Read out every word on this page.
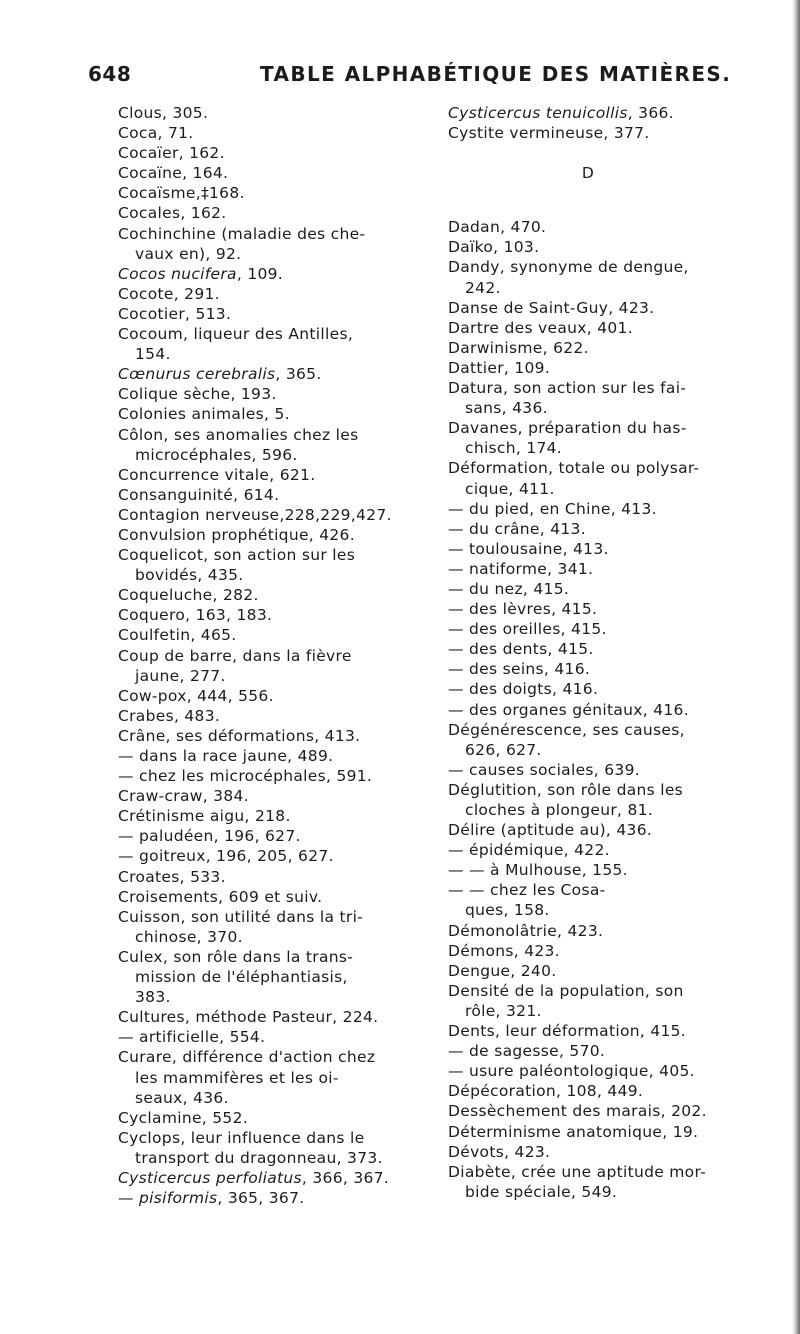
648	TABLE ALPHABÉTIQUE DES MATIÈRES.
Clous, 305.
Coca, 71.
Cocaïer, 162.
Cocaïne, 164.
Cocaïsme,‡168.
Cocales, 162.
Cochinchine (maladie des che-
vaux en), 92.
Cocos nucifera, 109.
Cocote, 291.
Cocotier, 513.
Cocoum, liqueur des Antilles,
154.
Cœnurus cerebralis, 365.
Colique sèche, 193.
Colonies animales, 5.
Côlon, ses anomalies chez les
microcéphales, 596.
Concurrence vitale, 621.
Consanguinité, 614.
Contagion nerveuse,228,229,427.
Convulsion prophétique, 426.
Coquelicot, son action sur les
bovidés, 435.
Coqueluche, 282.
Coquero, 163, 183.
Coulfetin, 465.
Coup de barre, dans la fièvre
jaune, 277.
Cow-pox, 444, 556.
Crabes, 483.
Crâne, ses déformations, 413.
— dans la race jaune, 489.
— chez les microcéphales, 591.
Craw-craw, 384.
Crétinisme aigu, 218.
— paludéen, 196, 627.
— goitreux, 196, 205, 627.
Croates, 533.
Croisements, 609 et suiv.
Cuisson, son utilité dans la tri-
chinose, 370.
Culex, son rôle dans la trans-
mission de l'éléphantiasis,
383.
Cultures, méthode Pasteur, 224.
— artificielle, 554.
Curare, différence d'action chez
les mammifères et les oi-
seaux, 436.
Cyclamine, 552.
Cyclops, leur influence dans le
transport du dragonneau, 373.
Cysticercus perfoliatus, 366, 367.
— pisiformis, 365, 367.
Cysticercus tenuicollis, 366.
Cystite vermineuse, 377.
D
Dadan, 470.
Daïko, 103.
Dandy, synonyme de dengue,
242.
Danse de Saint-Guy, 423.
Dartre des veaux, 401.
Darwinisme, 622.
Dattier, 109.
Datura, son action sur les fai-
sans, 436.
Davanes, préparation du has-
chisch, 174.
Déformation, totale ou polysar-
cique, 411.
— du pied, en Chine, 413.
— du crâne, 413.
— toulousaine, 413.
— natiforme, 341.
— du nez, 415.
— des lèvres, 415.
— des oreilles, 415.
— des dents, 415.
— des seins, 416.
— des doigts, 416.
— des organes génitaux, 416.
Dégénérescence, ses causes,
626, 627.
— causes sociales, 639.
Déglutition, son rôle dans les
cloches à plongeur, 81.
Délire (aptitude au), 436.
— épidémique, 422.
— — à Mulhouse, 155.
— — chez les Cosa-
ques, 158.
Démonolâtrie, 423.
Démons, 423.
Dengue, 240.
Densité de la population, son
rôle, 321.
Dents, leur déformation, 415.
— de sagesse, 570.
— usure paléontologique, 405.
Dépécoration, 108, 449.
Dessèchement des marais, 202.
Déterminisme anatomique, 19.
Dévots, 423.
Diabète, crée une aptitude mor-
bide spéciale, 549.
